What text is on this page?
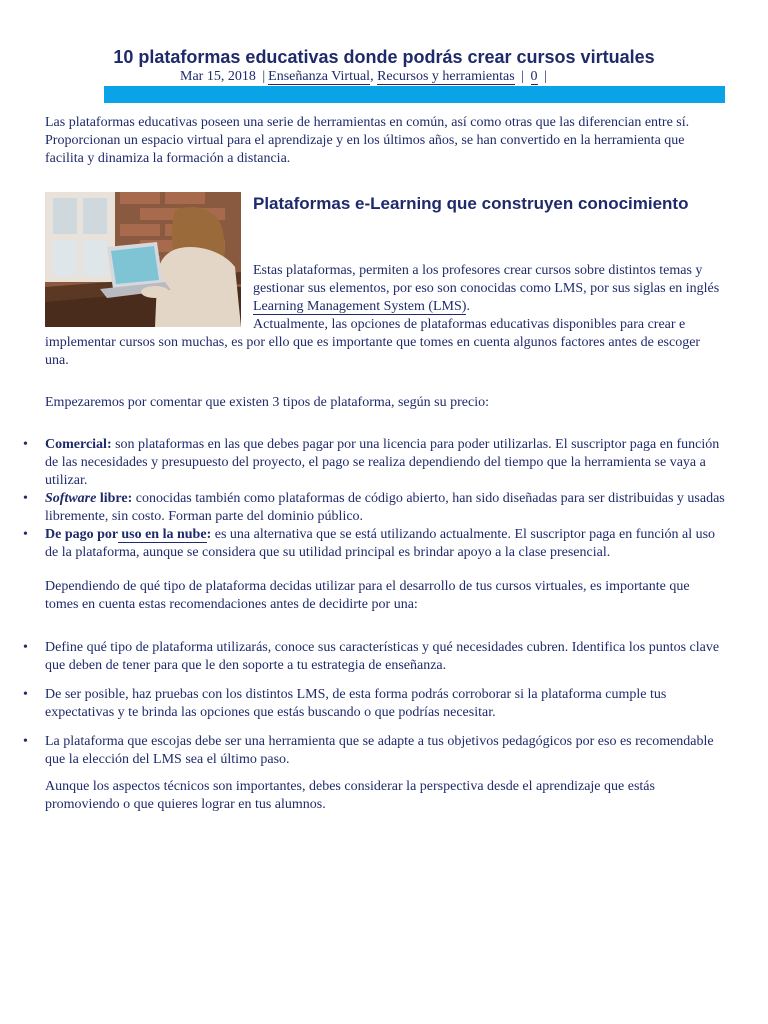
10 plataformas educativas donde podrás crear cursos virtuales
Mar 15, 2018 | Enseñanza Virtual, Recursos y herramientas | 0 |

Las plataformas educativas poseen una serie de herramientas en común, así como otras que las diferencian entre sí. Proporcionan un espacio virtual para el aprendizaje y en los últimos años, se han convertido en la herramienta que facilita y dinamiza la formación a distancia.

Plataformas e-Learning que construyen conocimiento

Estas plataformas, permiten a los profesores crear cursos sobre distintos temas y gestionar sus elementos, por eso son conocidas como LMS, por sus siglas en inglés Learning Management System (LMS).

Actualmente, las opciones de plataformas educativas disponibles para crear e implementar cursos son muchas, es por ello que es importante que tomes en cuenta algunos factores antes de escoger una.

Empezaremos por comentar que existen 3 tipos de plataforma, según su precio:

• Comercial: son plataformas en las que debes pagar por una licencia para poder utilizarlas. El suscriptor paga en función de las necesidades y presupuesto del proyecto, el pago se realiza dependiendo del tiempo que la herramienta se vaya a utilizar.
• Software libre: conocidas también como plataformas de código abierto, han sido diseñadas para ser distribuidas y usadas libremente, sin costo. Forman parte del dominio público.
• De pago por uso en la nube: es una alternativa que se está utilizando actualmente. El suscriptor paga en función al uso de la plataforma, aunque se considera que su utilidad principal es brindar apoyo a la clase presencial.

Dependiendo de qué tipo de plataforma decidas utilizar para el desarrollo de tus cursos virtuales, es importante que tomes en cuenta estas recomendaciones antes de decidirte por una:

• Define qué tipo de plataforma utilizarás, conoce sus características y qué necesidades cubren. Identifica los puntos clave que deben de tener para que le den soporte a tu estrategia de enseñanza.
• De ser posible, haz pruebas con los distintos LMS, de esta forma podrás corroborar si la plataforma cumple tus expectativas y te brinda las opciones que estás buscando o que podrías necesitar.
• La plataforma que escojas debe ser una herramienta que se adapte a tus objetivos pedagógicos por eso es recomendable que la elección del LMS sea el último paso.

Aunque los aspectos técnicos son importantes, debes considerar la perspectiva desde el aprendizaje que estás promoviendo o que quieres lograr en tus alumnos.
